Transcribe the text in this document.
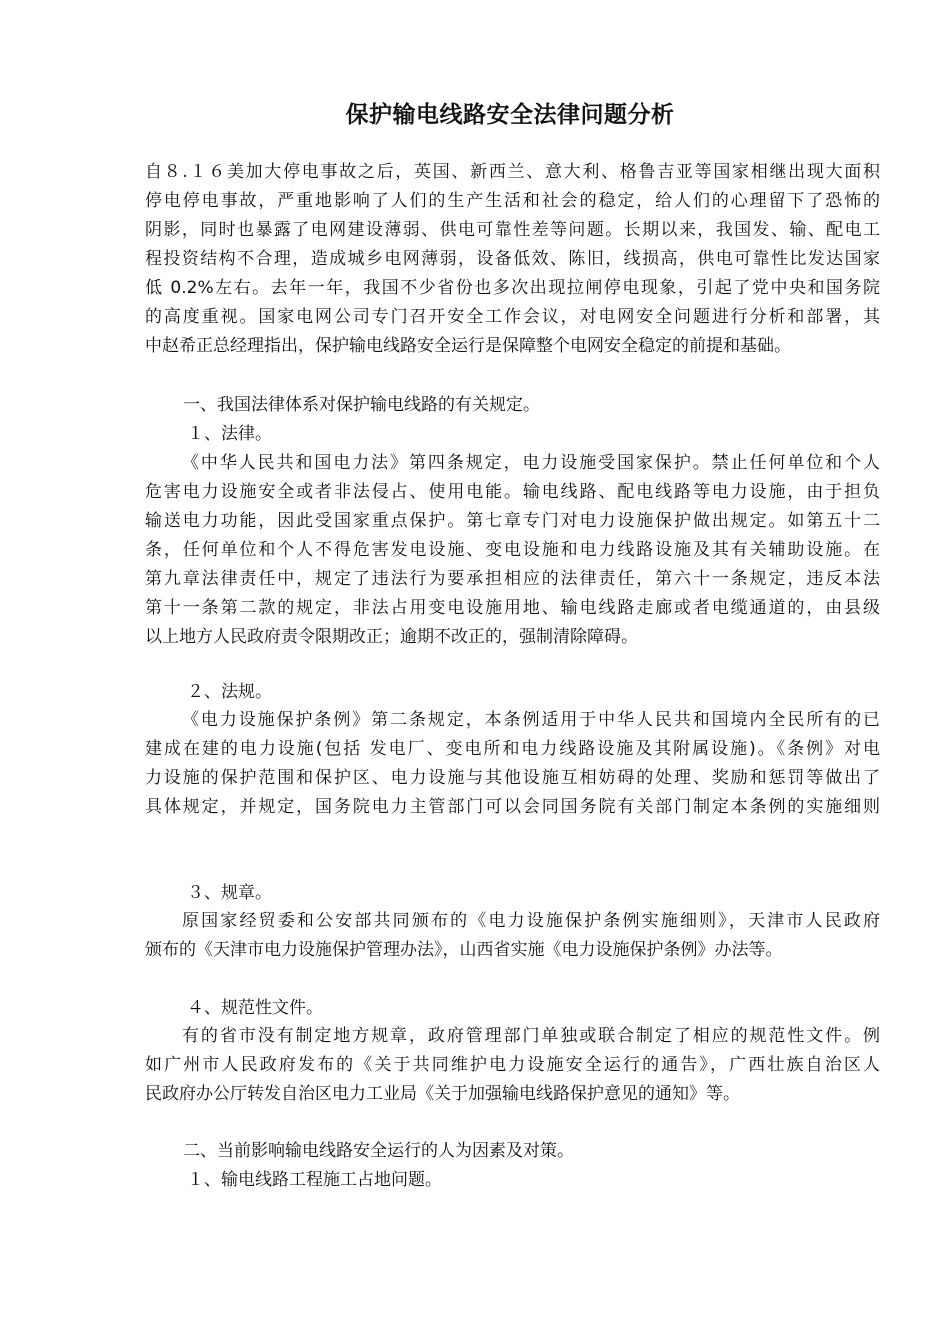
保护输电线路安全法律问题分析
自８.１６美加大停电事故之后，英国、新西兰、意大利、格鲁吉亚等国家相继出现大面积
停电停电事故，严重地影响了人们的生产生活和社会的稳定，给人们的心理留下了恐怖的
阴影，同时也暴露了电网建设薄弱、供电可靠性差等问题。长期以来，我国发、输、配电工
程投资结构不合理，造成城乡电网薄弱，设备低效、陈旧，线损高，供电可靠性比发达国家
低 0.2%左右。去年一年，我国不少省份也多次出现拉闸停电现象，引起了党中央和国务院
的高度重视。国家电网公司专门召开安全工作会议，对电网安全问题进行分析和部署，其
中赵希正总经理指出，保护输电线路安全运行是保障整个电网安全稳定的前提和基础。
一、我国法律体系对保护输电线路的有关规定。
１、法律。
《中华人民共和国电力法》第四条规定，电力设施受国家保护。禁止任何单位和个人
危害电力设施安全或者非法侵占、使用电能。输电线路、配电线路等电力设施，由于担负
输送电力功能，因此受国家重点保护。第七章专门对电力设施保护做出规定。如第五十二
条，任何单位和个人不得危害发电设施、变电设施和电力线路设施及其有关辅助设施。在
第九章法律责任中，规定了违法行为要承担相应的法律责任，第六十一条规定，违反本法
第十一条第二款的规定，非法占用变电设施用地、输电线路走廊或者电缆通道的，由县级
以上地方人民政府责令限期改正；逾期不改正的，强制清除障碍。
２、法规。
《电力设施保护条例》第二条规定，本条例适用于中华人民共和国境内全民所有的已
建成在建的电力设施(包括 发电厂、变电所和电力线路设施及其附属设施)。《条例》对电
力设施的保护范围和保护区、电力设施与其他设施互相妨碍的处理、奖励和惩罚等做出了
具体规定，并规定，国务院电力主管部门可以会同国务院有关部门制定本条例的实施细则
３、规章。
原国家经贸委和公安部共同颁布的《电力设施保护条例实施细则》，天津市人民政府
颁布的《天津市电力设施保护管理办法》，山西省实施《电力设施保护条例》办法等。
４、规范性文件。
有的省市没有制定地方规章，政府管理部门单独或联合制定了相应的规范性文件。例
如广州市人民政府发布的《关于共同维护电力设施安全运行的通告》，广西壮族自治区人
民政府办公厅转发自治区电力工业局《关于加强输电线路保护意见的通知》等。
二、当前影响输电线路安全运行的人为因素及对策。
１、输电线路工程施工占地问题。
